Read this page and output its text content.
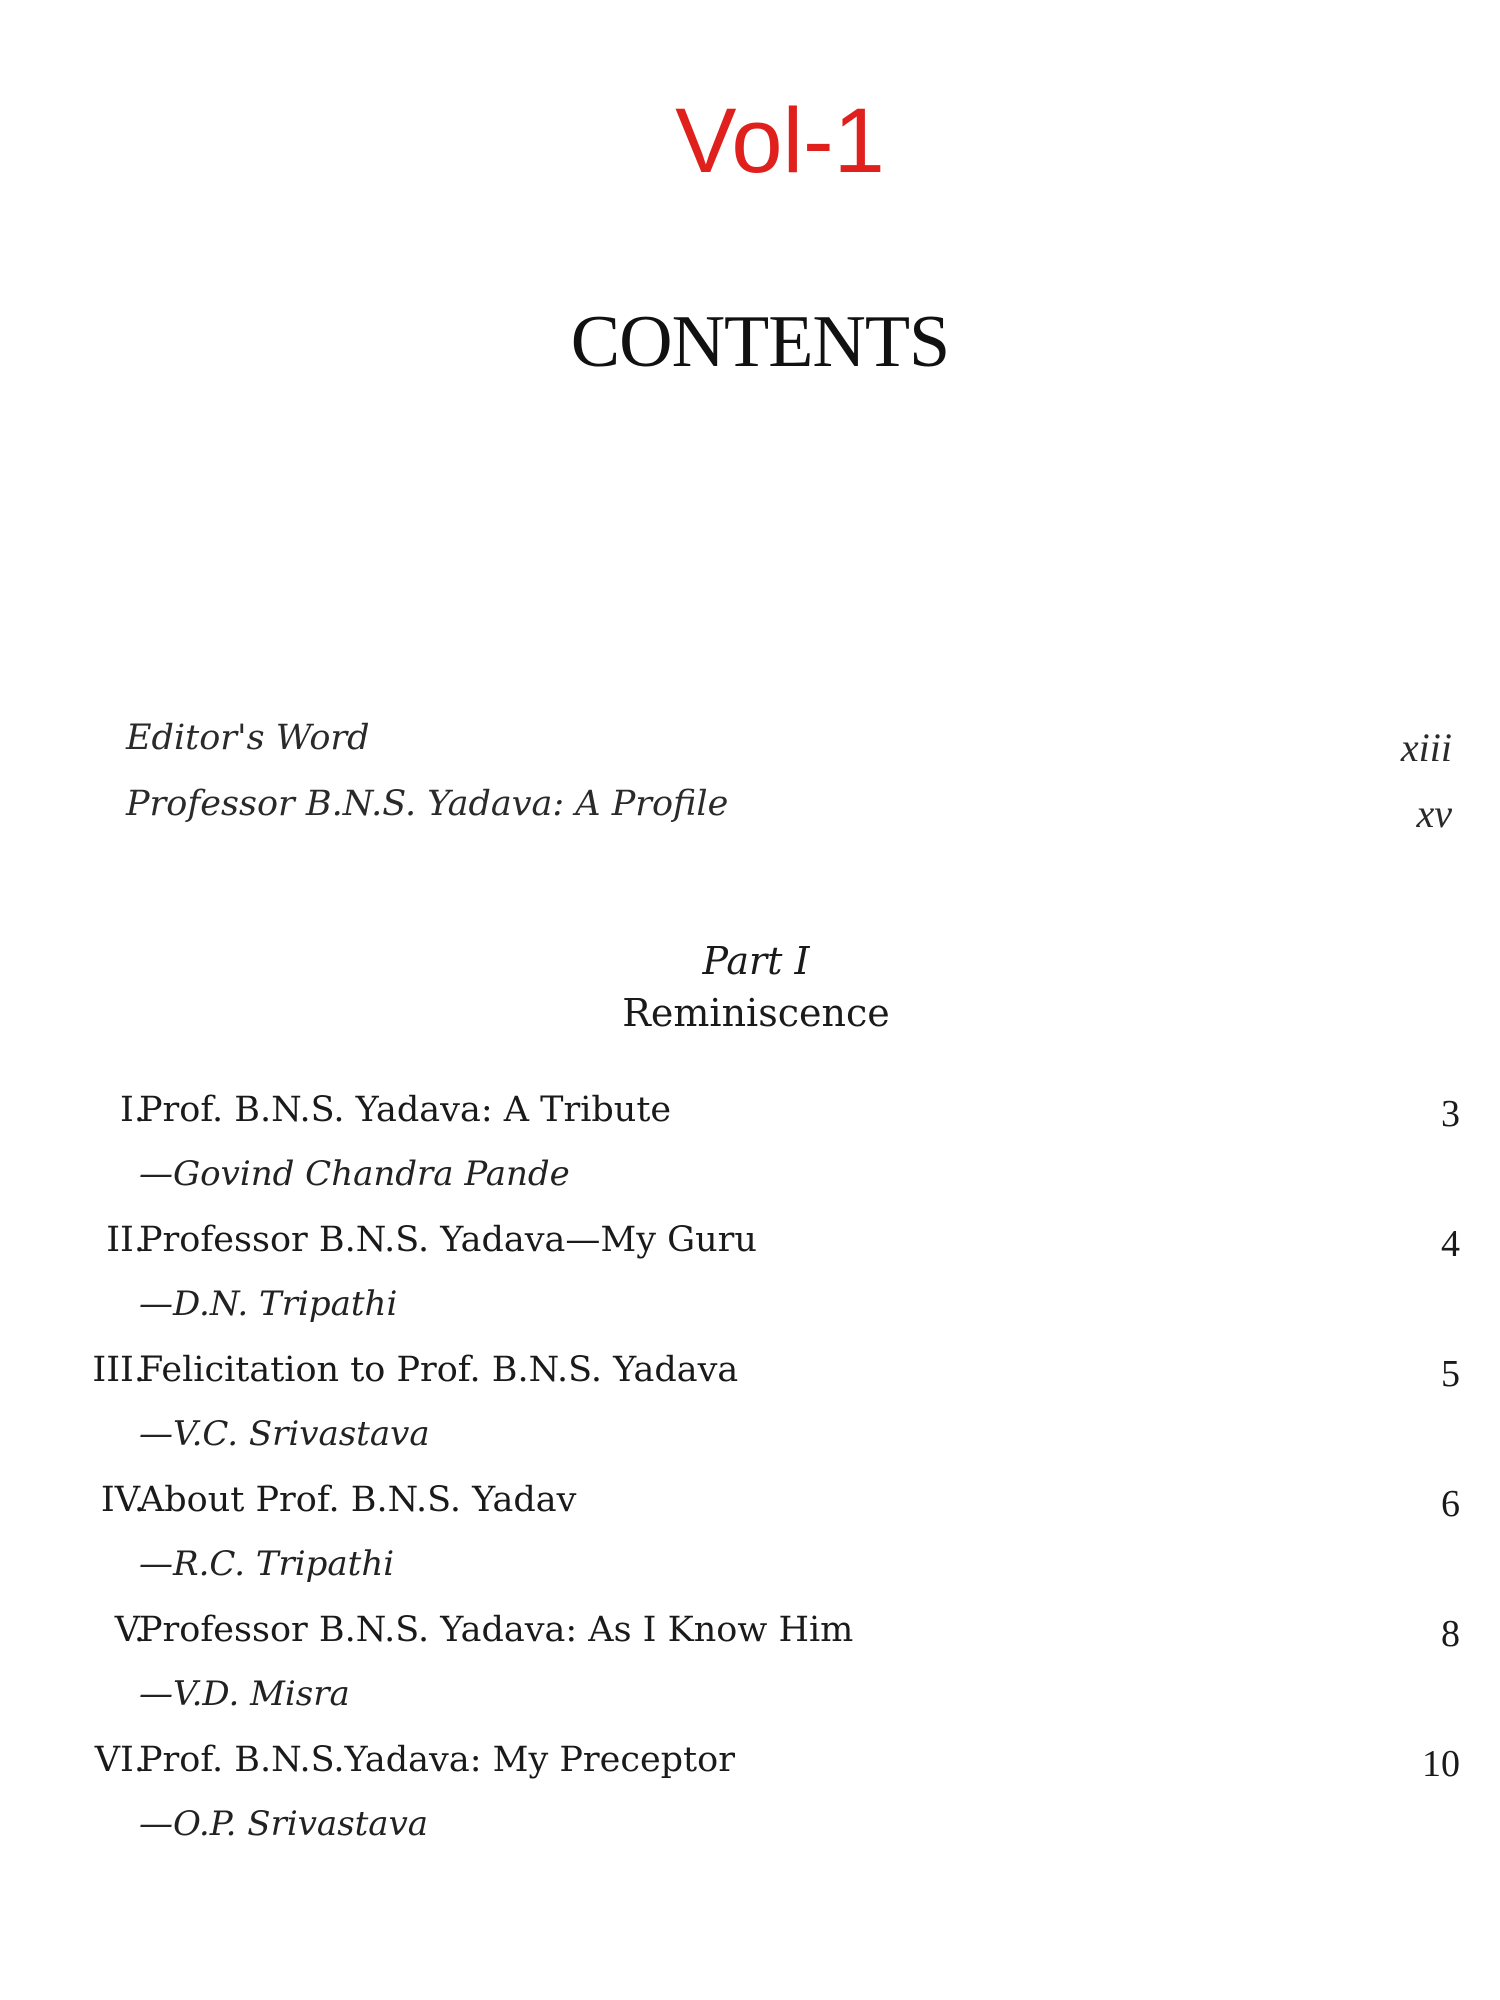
Vol-1
CONTENTS
Editor's Word	xiii
Professor B.N.S. Yadava: A Profile	xv
Part I
Reminiscence
I.
Prof. B.N.S. Yadava: A Tribute
—Govind Chandra Pande
3
II.
Professor B.N.S. Yadava—My Guru
—D.N. Tripathi
4
III.
Felicitation to Prof. B.N.S. Yadava
—V.C. Srivastava
5
IV.
About Prof. B.N.S. Yadav
—R.C. Tripathi
6
V.
Professor B.N.S. Yadava: As I Know Him
—V.D. Misra
8
VI.
Prof. B.N.S.Yadava: My Preceptor
—O.P. Srivastava
10
